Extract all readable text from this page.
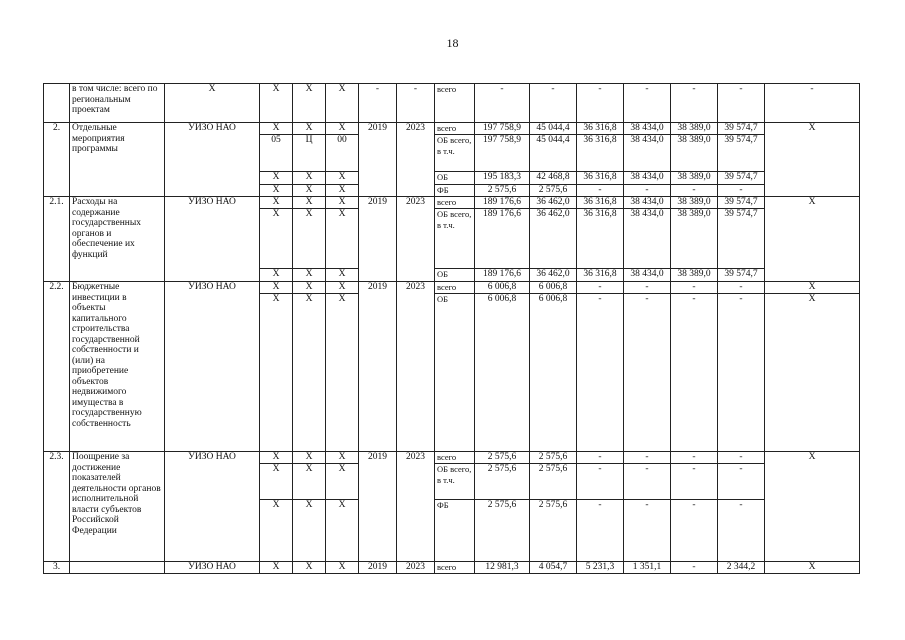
18
	в том числе: всего по региональным проектам	X	X	X	X	-	-	всего	-	-	-	-	-	-	-
2.	Отдельные мероприятия программы	УИЗО НАО	X	X	X	2019	2023	всего	197 758,9	45 044,4	36 316,8	38 434,0	38 389,0	39 574,7	X
			05	Ц	00			ОБ всего, в т.ч.	197 758,9	45 044,4	36 316,8	38 434,0	38 389,0	39 574,7	
			X	X	X			ОБ	195 183,3	42 468,8	36 316,8	38 434,0	38 389,0	39 574,7	
			X	X	X			ФБ	2 575,6	2 575,6	-	-	-	-	
2.1.	Расходы на содержание государственных органов и обеспечение их функций	УИЗО НАО	X	X	X	2019	2023	всего	189 176,6	36 462,0	36 316,8	38 434,0	38 389,0	39 574,7	X
			X	X	X			ОБ всего, в т.ч.	189 176,6	36 462,0	36 316,8	38 434,0	38 389,0	39 574,7	
			X	X	X			ОБ	189 176,6	36 462,0	36 316,8	38 434,0	38 389,0	39 574,7	
2.2.	Бюджетные инвестиции в объекты капитального строительства государственной собственности и (или) на приобретение объектов недвижимого имущества в государственную собственность	УИЗО НАО	X	X	X	2019	2023	всего	6 006,8	6 006,8	-	-	-	-	X
			X	X	X			ОБ	6 006,8	6 006,8	-	-	-	-	X
2.3.	Поощрение за достижение показателей деятельности органов исполнительной власти субъектов Российской Федерации	УИЗО НАО	X	X	X	2019	2023	всего	2 575,6	2 575,6	-	-	-	-	X
			X	X	X			ОБ всего, в т.ч.	2 575,6	2 575,6	-	-	-	-	
			X	X	X			ФБ	2 575,6	2 575,6	-	-	-	-	
3.		УИЗО НАО	X	X	X	2019	2023	всего	12 981,3	4 054,7	5 231,3	1 351,1	-	2 344,2	X
